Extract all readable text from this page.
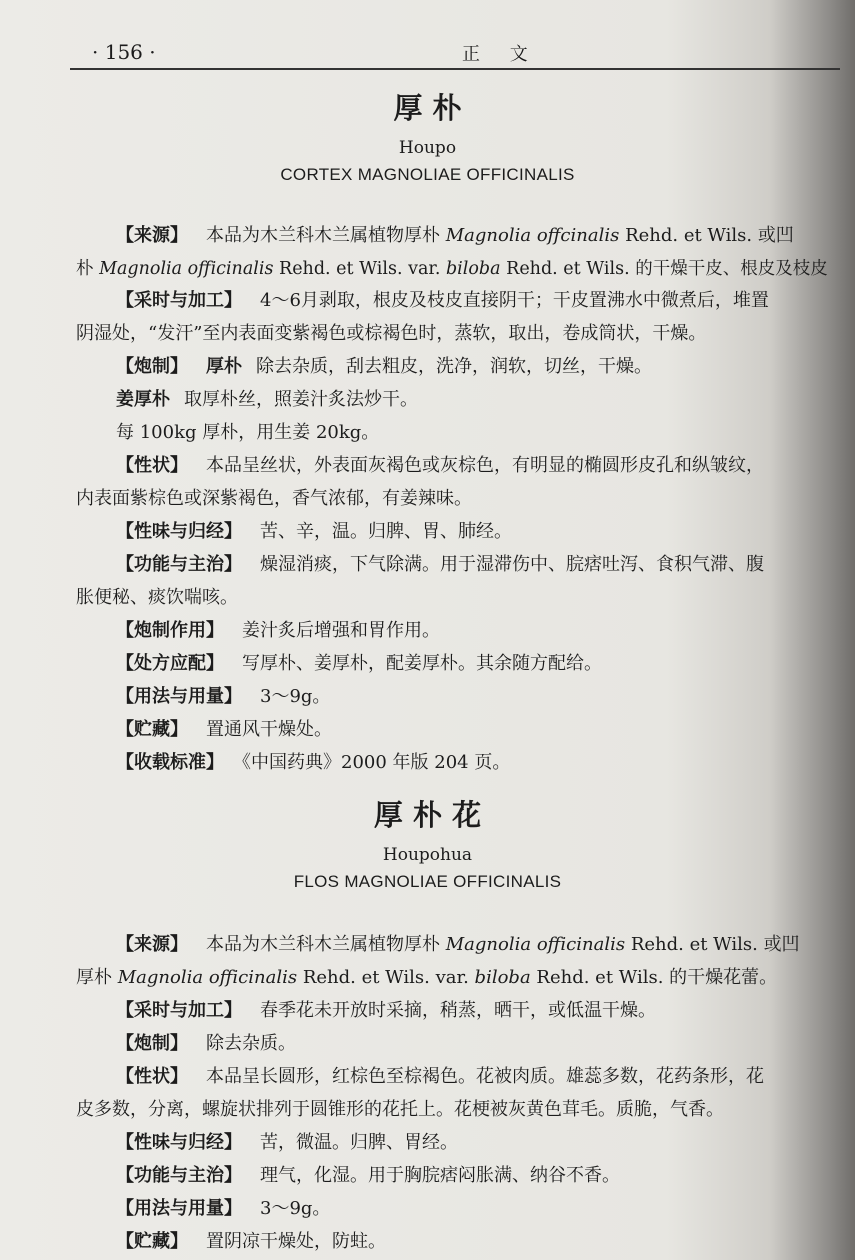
· 156 ·	正 文
厚 朴
Houpo
CORTEX MAGNOLIAE OFFICINALIS
【来源】 本品为木兰科木兰属植物厚朴 Magnolia offcinalis Rehd. et Wils. 或凹
朴 Magnolia officinalis Rehd. et Wils. var. biloba Rehd. et Wils. 的干燥干皮、根皮及枝皮
【采时与加工】 4～6月剥取，根皮及枝皮直接阴干；干皮置沸水中微煮后，堆置
阴湿处，“发汗”至内表面变紫褐色或棕褐色时，蒸软，取出，卷成筒状，干燥。
【炮制】 厚朴 除去杂质，刮去粗皮，洗净，润软，切丝，干燥。
姜厚朴 取厚朴丝，照姜汁炙法炒干。
每 100kg 厚朴，用生姜 20kg。
【性状】 本品呈丝状，外表面灰褐色或灰棕色，有明显的椭圆形皮孔和纵皱纹，
内表面紫棕色或深紫褐色，香气浓郁，有姜辣味。
【性味与归经】 苦、辛，温。归脾、胃、肺经。
【功能与主治】 燥湿消痰，下气除满。用于湿滞伤中、脘痞吐泻、食积气滞、腹
胀便秘、痰饮喘咳。
【炮制作用】 姜汁炙后增强和胃作用。
【处方应配】 写厚朴、姜厚朴，配姜厚朴。其余随方配给。
【用法与用量】 3～9g。
【贮藏】 置通风干燥处。
【收载标准】 《中国药典》2000 年版 204 页。
厚 朴 花
Houpohua
FLOS MAGNOLIAE OFFICINALIS
【来源】 本品为木兰科木兰属植物厚朴 Magnolia officinalis Rehd. et Wils. 或凹
厚朴 Magnolia officinalis Rehd. et Wils. var. biloba Rehd. et Wils. 的干燥花蕾。
【采时与加工】 春季花未开放时采摘，稍蒸，晒干，或低温干燥。
【炮制】 除去杂质。
【性状】 本品呈长圆形，红棕色至棕褐色。花被肉质。雄蕊多数，花药条形，花
皮多数，分离，螺旋状排列于圆锥形的花托上。花梗被灰黄色茸毛。质脆，气香。
【性味与归经】 苦，微温。归脾、胃经。
【功能与主治】 理气，化湿。用于胸脘痞闷胀满、纳谷不香。
【用法与用量】 3～9g。
【贮藏】 置阴凉干燥处，防蛀。
